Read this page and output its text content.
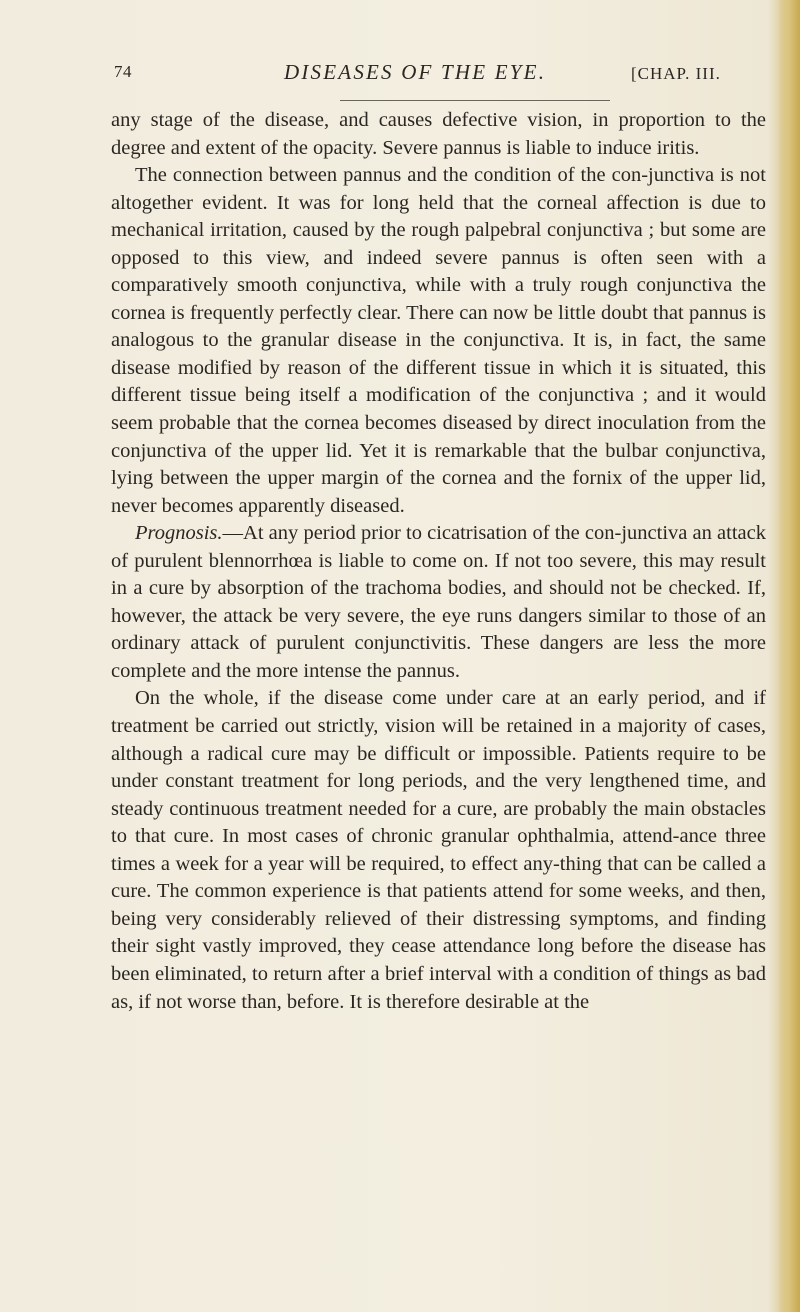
74	DISEASES OF THE EYE.	[CHAP. III.

any stage of the disease, and causes defective vision, in proportion to the degree and extent of the opacity. Severe pannus is liable to induce iritis.

The connection between pannus and the condition of the con-junctiva is not altogether evident. It was for long held that the corneal affection is due to mechanical irritation, caused by the rough palpebral conjunctiva ; but some are opposed to this view, and indeed severe pannus is often seen with a comparatively smooth conjunctiva, while with a truly rough conjunctiva the cornea is frequently perfectly clear. There can now be little doubt that pannus is analogous to the granular disease in the conjunctiva. It is, in fact, the same disease modified by reason of the different tissue in which it is situated, this different tissue being itself a modification of the conjunctiva ; and it would seem probable that the cornea becomes diseased by direct inoculation from the conjunctiva of the upper lid. Yet it is remarkable that the bulbar conjunctiva, lying between the upper margin of the cornea and the fornix of the upper lid, never becomes apparently diseased.

Prognosis.—At any period prior to cicatrisation of the con-junctiva an attack of purulent blennorrhœa is liable to come on. If not too severe, this may result in a cure by absorption of the trachoma bodies, and should not be checked. If, however, the attack be very severe, the eye runs dangers similar to those of an ordinary attack of purulent conjunctivitis. These dangers are less the more complete and the more intense the pannus.

On the whole, if the disease come under care at an early period, and if treatment be carried out strictly, vision will be retained in a majority of cases, although a radical cure may be difficult or impossible. Patients require to be under constant treatment for long periods, and the very lengthened time, and steady continuous treatment needed for a cure, are probably the main obstacles to that cure. In most cases of chronic granular ophthalmia, attend-ance three times a week for a year will be required, to effect any-thing that can be called a cure. The common experience is that patients attend for some weeks, and then, being very considerably relieved of their distressing symptoms, and finding their sight vastly improved, they cease attendance long before the disease has been eliminated, to return after a brief interval with a condition of things as bad as, if not worse than, before. It is therefore desirable at the
